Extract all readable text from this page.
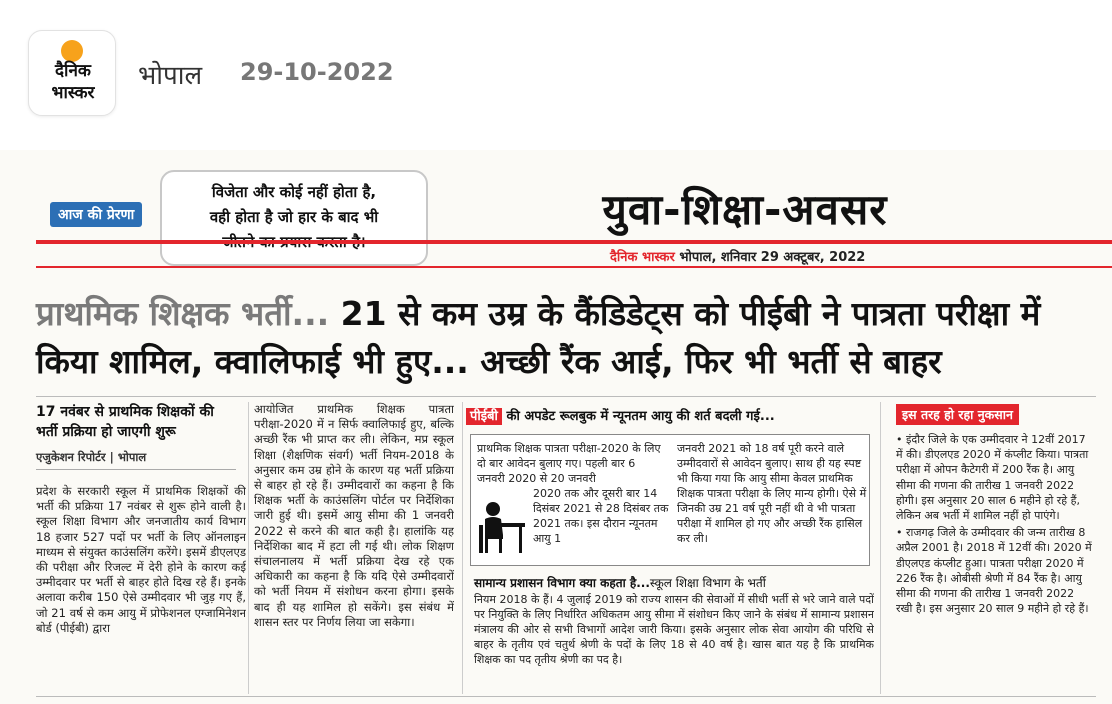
दैनिक
भास्कर
भोपाल 29-10-2022
आज की प्रेरणा
विजेता और कोई नहीं होता है,
वही होता है जो हार के बाद भी	युवा-शिक्षा-अवसर
दैनिक भास्कर भोपाल, शनिवार 29 अक्टूबर, 2022
प्राथमिक शिक्षक भर्ती... 21 से कम उम्र के कैंडिडेट्स को पीईबी ने पात्रता परीक्षा में किया शामिल, क्वालिफाई भी हुए... अच्छी रैंक आई, फिर भी भर्ती से बाहर
17 नवंबर से प्राथमिक शिक्षकों की भर्ती प्रक्रिया हो जाएगी शुरू
एजुकेशन रिपोर्टर | भोपाल
प्रदेश के सरकारी स्कूल में प्राथमिक शिक्षकों की भर्ती की प्रक्रिया 17 नवंबर से शुरू होने वाली है। स्कूल शिक्षा विभाग और जनजातीय कार्य विभाग 18 हजार 527 पदों पर भर्ती के लिए ऑनलाइन माध्यम से संयुक्त काउंसलिंग करेंगे। इसमें डीएलएड की परीक्षा और रिजल्ट में देरी होने के कारण कई उम्मीदवार पर भर्ती से बाहर होते दिख रहे हैं। इनके अलावा करीब 150 ऐसे उम्मीदवार भी जुड़ गए हैं, जो 21 वर्ष से कम आयु में प्रोफेशनल एग्जामिनेशन बोर्ड (पीईबी) द्वारा
आयोजित प्राथमिक शिक्षक पात्रता परीक्षा-2020 में न सिर्फ क्वालिफाई हुए, बल्कि अच्छी रैंक भी प्राप्त कर ली। लेकिन, मप्र स्कूल शिक्षा (शैक्षणिक संवर्ग) भर्ती नियम-2018 के अनुसार कम उम्र होने के कारण यह भर्ती प्रक्रिया से बाहर हो रहे हैं। उम्मीदवारों का कहना है कि शिक्षक भर्ती के काउंसलिंग पोर्टल पर निर्देशिका जारी हुई थी। इसमें आयु सीमा की 1 जनवरी 2022 से करने की बात कही है। हालांकि यह निर्देशिका बाद में हटा ली गई थी। लोक शिक्षण संचालनालय में भर्ती प्रक्रिया देख रहे एक अधिकारी का कहना है कि यदि ऐसे उम्मीदवारों को भर्ती नियम में संशोधन करना होगा। इसके बाद ही यह शामिल हो सकेंगे। इस संबंध में शासन स्तर पर निर्णय लिया जा सकेगा।
पीईबी की अपडेट रूलबुक में न्यूनतम आयु की शर्त बदली गई...
प्राथमिक शिक्षक पात्रता परीक्षा-2020 के लिए दो बार आवेदन बुलाए गए। पहली बार 6 जनवरी 2020 से 20 जनवरी
2020 तक और दूसरी बार 14 दिसंबर 2021 से 28 दिसंबर तक 2021 तक। इस दौरान न्यूनतम आयु 1
जनवरी 2021 को 18 वर्ष पूरी करने वाले उम्मीदवारों से आवेदन बुलाए। साथ ही यह स्पष्ट भी किया गया कि आयु सीमा केवल प्राथमिक शिक्षक पात्रता परीक्षा के लिए मान्य होगी। ऐसे में जिनकी उम्र 21 वर्ष पूरी नहीं थी वे भी पात्रता परीक्षा में शामिल हो गए और अच्छी रैंक हासिल कर ली।
सामान्य प्रशासन विभाग क्या कहता है...स्कूल शिक्षा विभाग के भर्ती
नियम 2018 के हैं। 4 जुलाई 2019 को राज्य शासन की सेवाओं में सीधी भर्ती से भरे जाने वाले पदों पर नियुक्ति के लिए निर्धारित अधिकतम आयु सीमा में संशोधन किए जाने के संबंध में सामान्य प्रशासन मंत्रालय की ओर से सभी विभागों आदेश जारी किया। इसके अनुसार लोक सेवा आयोग की परिधि से बाहर के तृतीय एवं चतुर्थ श्रेणी के पदों के लिए 18 से 40 वर्ष है। खास बात यह है कि प्राथमिक शिक्षक का पद तृतीय श्रेणी का पद है।
इस तरह हो रहा नुकसान

• इंदौर जिले के एक उम्मीदवार ने 12वीं 2017 में की। डीएलएड 2020 में कंप्लीट किया। पात्रता परीक्षा में ओपन कैटेगरी में 200 रैंक है। आयु सीमा की गणना की तारीख 1 जनवरी 2022 होगी। इस अनुसार 20 साल 6 महीने हो रहे हैं, लेकिन अब भर्ती में शामिल नहीं हो पाएंगे।

• राजगढ़ जिले के उम्मीदवार की जन्म तारीख 8 अप्रैल 2001 है। 2018 में 12वीं की। 2020 में डीएलएड कंप्लीट हुआ। पात्रता परीक्षा 2020 में 226 रैंक है। ओबीसी श्रेणी में 84 रैंक है। आयु सीमा की गणना की तारीख 1 जनवरी 2022 रखी है। इस अनुसार 20 साल 9 महीने हो रहे हैं।
